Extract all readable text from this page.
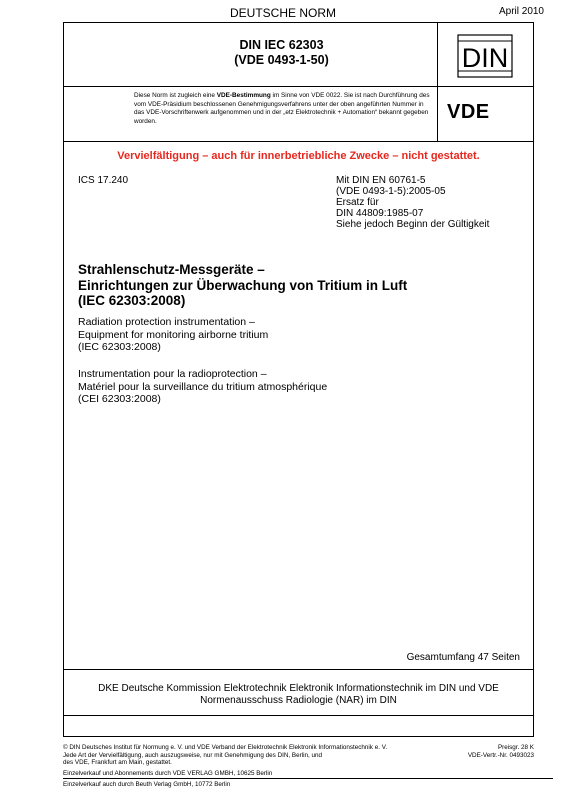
DEUTSCHE NORM	April 2010
DIN IEC 62303
(VDE 0493-1-50)
Diese Norm ist zugleich eine VDE-Bestimmung im Sinne von VDE 0022. Sie ist nach Durchführung des vom VDE-Präsidium beschlossenen Genehmigungsverfahrens unter der oben angeführten Nummer in das VDE-Vorschriftenwerk aufgenommen und in der „etz Elektrotechnik + Automation“ bekannt gegeben worden.
DIN
VDE
Vervielfältigung – auch für innerbetriebliche Zwecke – nicht gestattet.
ICS 17.240	Mit DIN EN 60761-5
(VDE 0493-1-5):2005-05
Ersatz für
DIN 44809:1985-07
Siehe jedoch Beginn der Gültigkeit
Strahlenschutz-Messgeräte –
Einrichtungen zur Überwachung von Tritium in Luft
(IEC 62303:2008)
Radiation protection instrumentation –
Equipment for monitoring airborne tritium
(IEC 62303:2008)
Instrumentation pour la radioprotection –
Matériel pour la surveillance du tritium atmosphérique
(CEI 62303:2008)
Gesamtumfang 47 Seiten
DKE Deutsche Kommission Elektrotechnik Elektronik Informationstechnik im DIN und VDE
Normenausschuss Radiologie (NAR) im DIN
© DIN Deutsches Institut für Normung e. V. und VDE Verband der Elektrotechnik Elektronik Informationstechnik e. V.
Jede Art der Vervielfältigung, auch auszugsweise, nur mit Genehmigung des DIN, Berlin, und
des VDE, Frankfurt am Main, gestattet.
Preisgr. 28 K
VDE-Vertr.-Nr. 0493023
Einzelverkauf und Abonnements durch VDE VERLAG GMBH, 10625 Berlin
Einzelverkauf auch durch Beuth Verlag GmbH, 10772 Berlin
